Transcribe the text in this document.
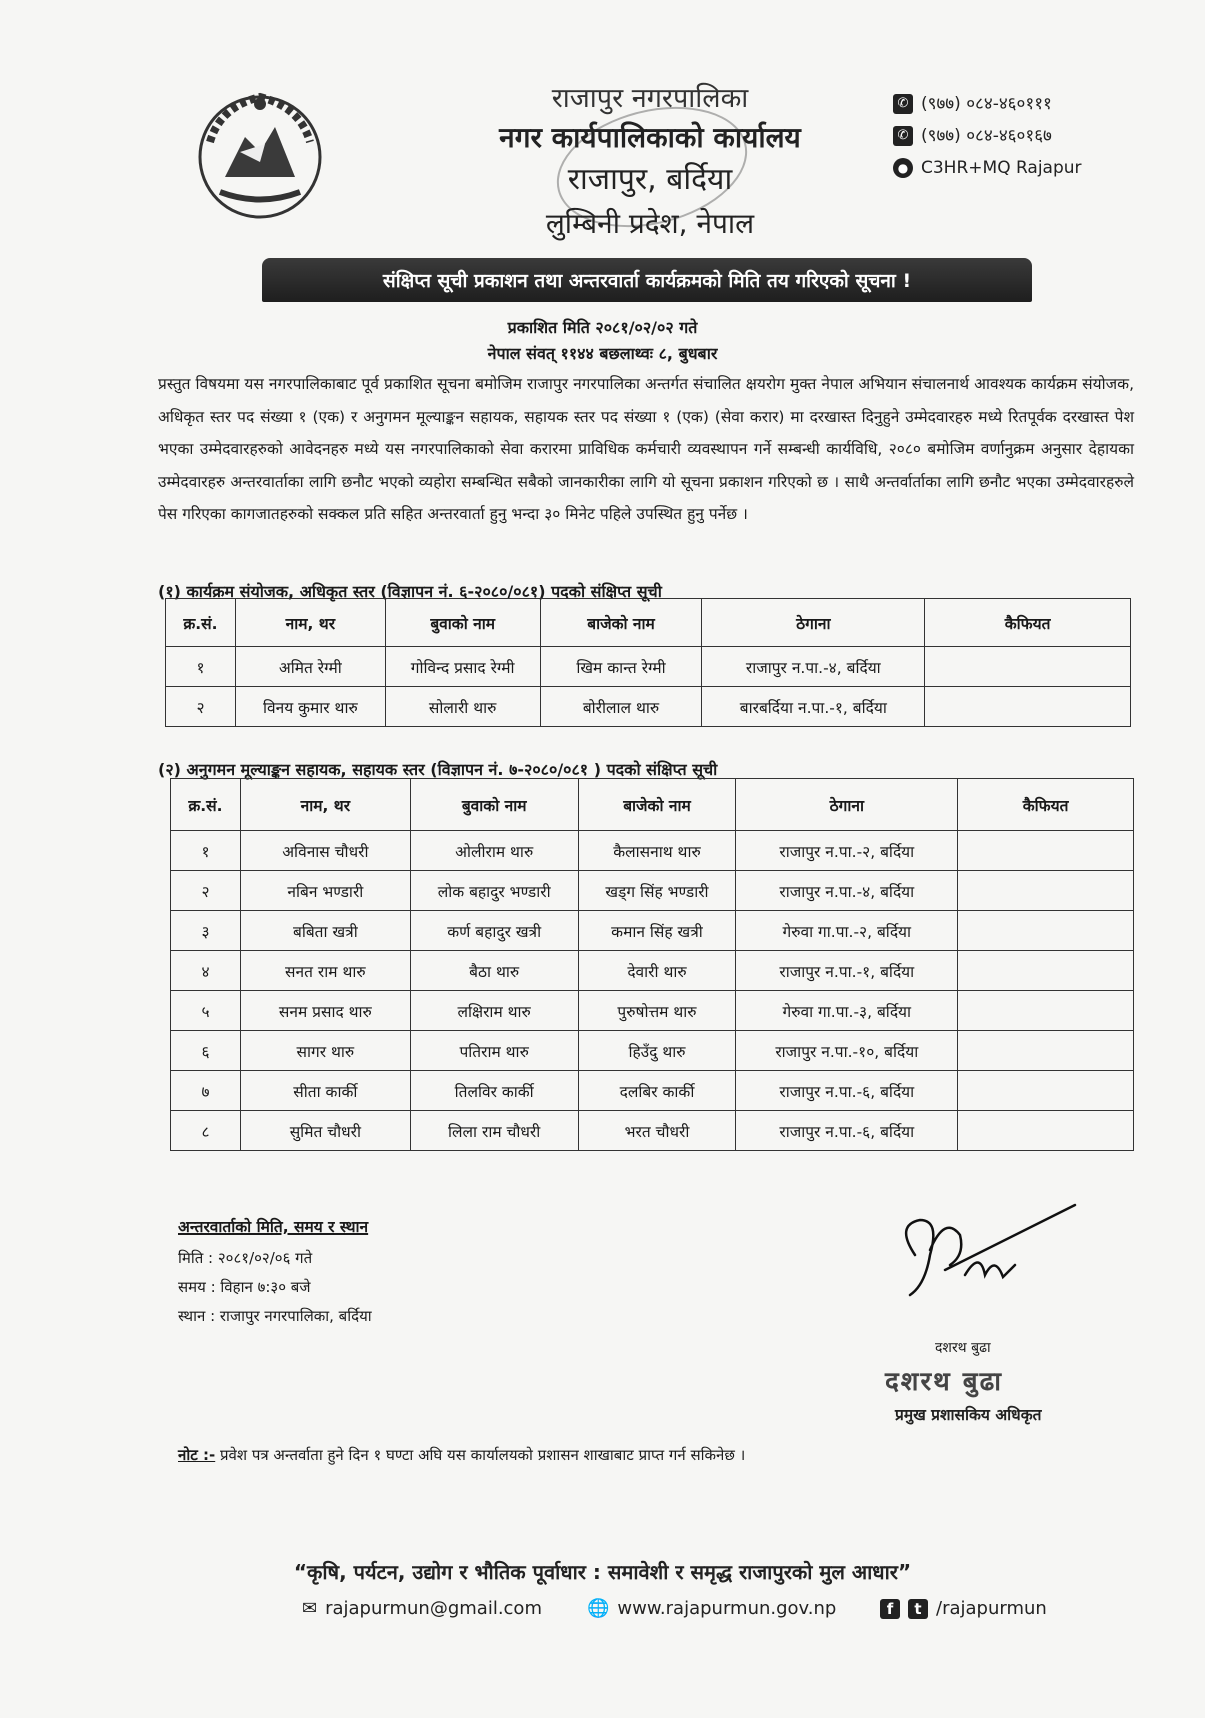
राजापुर नगरपालिका
नगर कार्यपालिकाको कार्यालय
राजापुर, बर्दिया
लुम्बिनी प्रदेश, नेपाल
✆ (९७७) ०८४-४६०१११
✆ (९७७) ०८४-४६०१६७
● C3HR+MQ Rajapur
संक्षिप्त सूची प्रकाशन तथा अन्तरवार्ता कार्यक्रमको मिति तय गरिएको सूचना !
प्रकाशित मिति २०८१/०२/०२ गते
नेपाल संवत् ११४४ बछलाथ्वः ८, बुधबार
प्रस्तुत विषयमा यस नगरपालिकाबाट पूर्व प्रकाशित सूचना बमोजिम राजापुर नगरपालिका अन्तर्गत संचालित क्षयरोग मुक्त नेपाल अभियान संचालनार्थ आवश्यक कार्यक्रम संयोजक, अधिकृत स्तर पद संख्या १ (एक) र अनुगमन मूल्याङ्कन सहायक, सहायक स्तर पद संख्या १ (एक) (सेवा करार) मा दरखास्त दिनुहुने उम्मेदवारहरु मध्ये रितपूर्वक दरखास्त पेश भएका उम्मेदवारहरुको आवेदनहरु मध्ये यस नगरपालिकाको सेवा करारमा प्राविधिक कर्मचारी व्यवस्थापन गर्ने सम्बन्धी कार्यविधि, २०८० बमोजिम वर्णानुक्रम अनुसार देहायका उम्मेदवारहरु अन्तरवार्ताका लागि छनौट भएको व्यहोरा सम्बन्धित सबैको जानकारीका लागि यो सूचना प्रकाशन गरिएको छ । साथै अन्तर्वार्ताका लागि छनौट भएका उम्मेदवारहरुले पेस गरिएका कागजातहरुको सक्कल प्रति सहित अन्तरवार्ता हुनु भन्दा ३० मिनेट पहिले उपस्थित हुनु पर्नेछ ।
(१) कार्यक्रम संयोजक, अधिकृत स्तर (विज्ञापन नं. ६-२०८०/०८१) पदको संक्षिप्त सूची
क्र.सं.	नाम, थर	बुवाको नाम	बाजेको नाम	ठेगाना	कैफियत
१	अमित रेग्मी	गोविन्द प्रसाद रेग्मी	खिम कान्त रेग्मी	राजापुर न.पा.-४, बर्दिया	
२	विनय कुमार थारु	सोलारी थारु	बोरीलाल थारु	बारबर्दिया न.पा.-१, बर्दिया	
(२) अनुगमन मूल्याङ्कन सहायक, सहायक स्तर (विज्ञापन नं. ७-२०८०/०८१ ) पदको संक्षिप्त सूची
क्र.सं.	नाम, थर	बुवाको नाम	बाजेको नाम	ठेगाना	कैफियत
१	अविनास चौधरी	ओलीराम थारु	कैलासनाथ थारु	राजापुर न.पा.-२, बर्दिया	
२	नबिन भण्डारी	लोक बहादुर भण्डारी	खड्ग सिंह भण्डारी	राजापुर न.पा.-४, बर्दिया	
३	बबिता खत्री	कर्ण बहादुर खत्री	कमान सिंह खत्री	गेरुवा गा.पा.-२, बर्दिया	
४	सनत राम थारु	बैठा थारु	देवारी थारु	राजापुर न.पा.-१, बर्दिया	
५	सनम प्रसाद थारु	लक्षिराम थारु	पुरुषोत्तम थारु	गेरुवा गा.पा.-३, बर्दिया	
६	सागर थारु	पतिराम थारु	हिउँदु थारु	राजापुर न.पा.-१०, बर्दिया	
७	सीता कार्की	तिलविर कार्की	दलबिर कार्की	राजापुर न.पा.-६, बर्दिया	
८	सुमित चौधरी	लिला राम चौधरी	भरत चौधरी	राजापुर न.पा.-६, बर्दिया	
अन्तरवार्ताको मिति, समय र स्थान
मिति : २०८१/०२/०६ गते
समय : विहान ७:३० बजे
स्थान : राजापुर नगरपालिका, बर्दिया
दशरथ बुढा
दशरथ बुढा
प्रमुख प्रशासकिय अधिकृत
नोट :- प्रवेश पत्र अन्तर्वाता हुने दिन १ घण्टा अघि यस कार्यालयको प्रशासन शाखाबाट प्राप्त गर्न सकिनेछ ।
“कृषि, पर्यटन, उद्योग र भौतिक पूर्वाधार : समावेशी र समृद्ध राजापुरको मुल आधार”
✉ rajapurmun@gmail.com	🌐 www.rajapurmun.gov.np	f	t /rajapurmun
